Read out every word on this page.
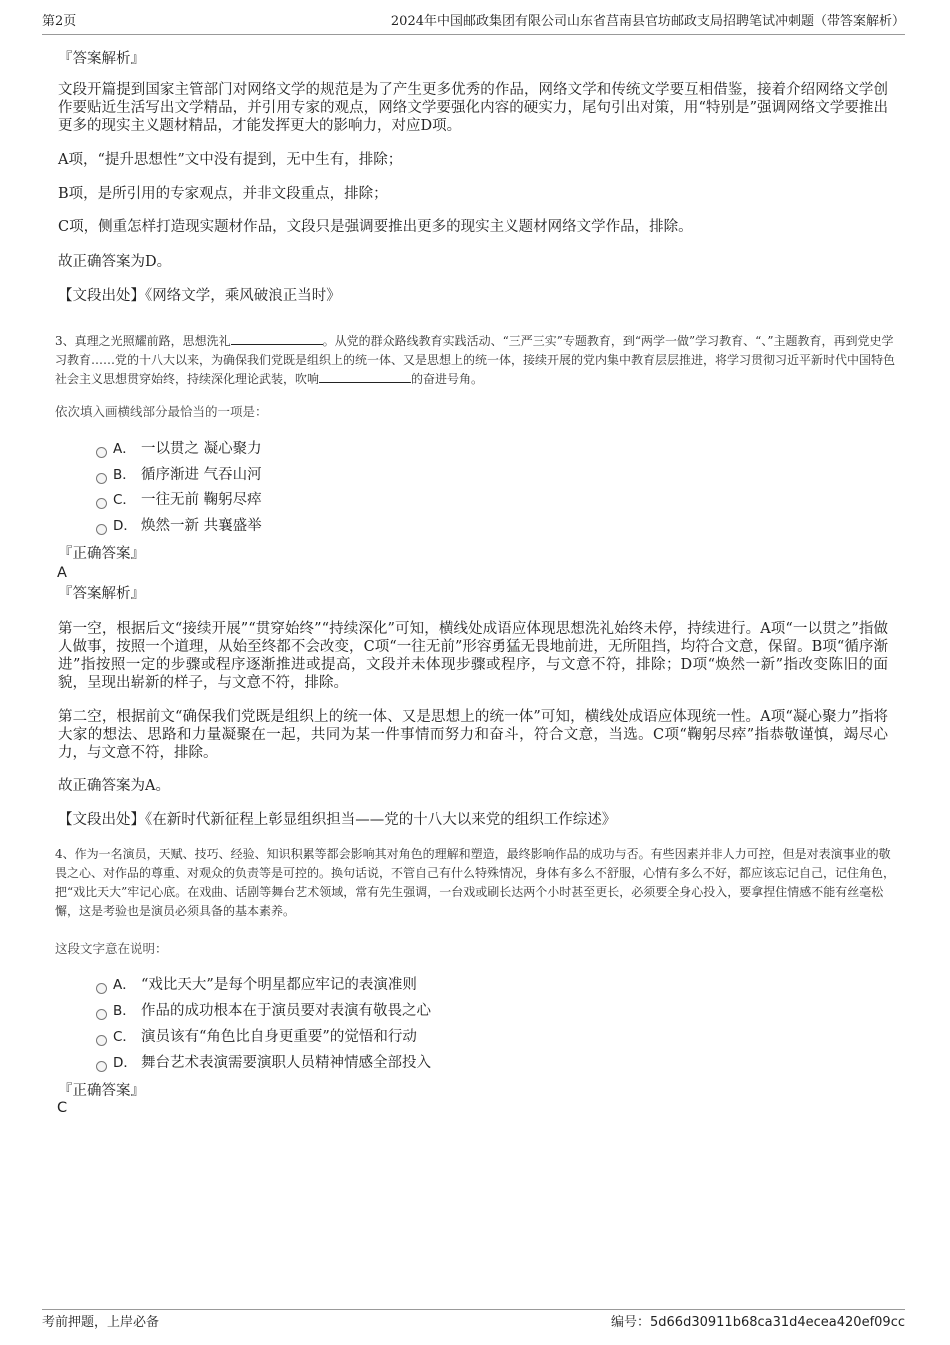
第2页	2024年中国邮政集团有限公司山东省莒南县官坊邮政支局招聘笔试冲刺题（带答案解析）
『答案解析』

文段开篇提到国家主管部门对网络文学的规范是为了产生更多优秀的作品，网络文学和传统文学要互相借鉴，接着介绍网络文学创作要贴近生活写出文学精品，并引用专家的观点，网络文学要强化内容的硬实力，尾句引出对策，用“特别是”强调网络文学要推出更多的现实主义题材精品，才能发挥更大的影响力，对应D项。

A项，“提升思想性”文中没有提到，无中生有，排除；

B项，是所引用的专家观点，并非文段重点，排除；

C项，侧重怎样打造现实题材作品，文段只是强调要推出更多的现实主义题材网络文学作品，排除。

故正确答案为D。

【文段出处】《网络文学，乘风破浪正当时》

3、真理之光照耀前路，思想洗礼	。从党的群众路线教育实践活动、“三严三实”专题教育，到“两学一做”学习教育、“、”主题教育，再到党史学习教育……党的十八大以来，为确保我们党既是组织上的统一体、又是思想上的统一体，接续开展的党内集中教育层层推进，将学习贯彻习近平新时代中国特色社会主义思想贯穿始终，持续深化理论武装，吹响	的奋进号角。
依次填入画横线部分最恰当的一项是：
A． 一以贯之 凝心聚力
B． 循序渐进 气吞山河
C． 一往无前 鞠躬尽瘁
D． 焕然一新 共襄盛举
『正确答案』
A
『答案解析』

第一空，根据后文“接续开展”“贯穿始终”“持续深化”可知，横线处成语应体现思想洗礼始终未停，持续进行。A项“一以贯之”指做人做事，按照一个道理，从始至终都不会改变，C项“一往无前”形容勇猛无畏地前进，无所阻挡，均符合文意，保留。B项“循序渐进”指按照一定的步骤或程序逐渐推进或提高，文段并未体现步骤或程序，与文意不符，排除；D项“焕然一新”指改变陈旧的面貌，呈现出崭新的样子，与文意不符，排除。

第二空，根据前文“确保我们党既是组织上的统一体、又是思想上的统一体”可知，横线处成语应体现统一性。A项“凝心聚力”指将大家的想法、思路和力量凝聚在一起，共同为某一件事情而努力和奋斗，符合文意，当选。C项“鞠躬尽瘁”指恭敬谨慎，竭尽心力，与文意不符，排除。

故正确答案为A。

【文段出处】《在新时代新征程上彰显组织担当——党的十八大以来党的组织工作综述》

4、作为一名演员，天赋、技巧、经验、知识积累等都会影响其对角色的理解和塑造，最终影响作品的成功与否。有些因素并非人力可控，但是对表演事业的敬畏之心、对作品的尊重、对观众的负责等是可控的。换句话说，不管自己有什么特殊情况，身体有多么不舒服，心情有多么不好，都应该忘记自己，记住角色，把“戏比天大”牢记心底。在戏曲、话剧等舞台艺术领域，常有先生强调，一台戏或刷长达两个小时甚至更长，必须要全身心投入，要拿捏住情感不能有丝毫松懈，这是考验也是演员必须具备的基本素养。
这段文字意在说明：
A． “戏比天大”是每个明星都应牢记的表演准则
B． 作品的成功根本在于演员要对表演有敬畏之心
C． 演员该有“角色比自身更重要”的觉悟和行动
D． 舞台艺术表演需要演职人员精神情感全部投入
『正确答案』
C
考前押题，上岸必备	编号：5d66d30911b68ca31d4ecea420ef09cc
